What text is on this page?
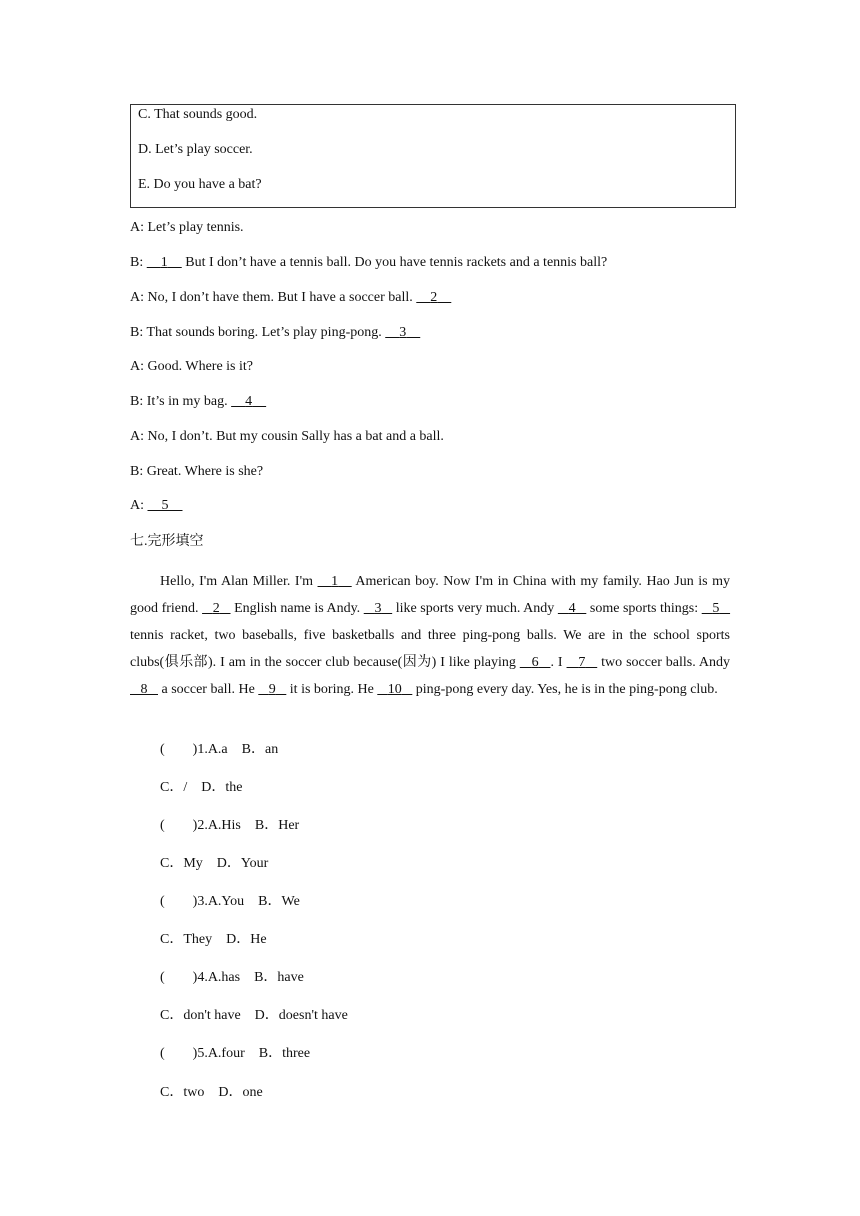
C. That sounds good.
D. Let’s play soccer.
E. Do you have a bat?
A: Let’s play tennis.
B:     1     But I don’t have a tennis ball. Do you have tennis rackets and a tennis ball?
A: No, I don’t have them. But I have a soccer ball.     2
B: That sounds boring. Let’s play ping-pong.     3
A: Good. Where is it?
B: It’s in my bag.     4
A: No, I don’t. But my cousin Sally has a bat and a ball.
B: Great. Where is she?
A:     5
七.完形填空
Hello, I'm Alan Miller. I'm    1    American boy. Now I'm in China with my family. Hao Jun is my good friend.    2    English name is Andy.    3    like sports very much. Andy    4    some sports things:    5    tennis racket, two baseballs, five basketballs and three ping-pong balls. We are in the school sports clubs(俱乐部). I am in the soccer club because(因为) I like playing    6 . I    7    two soccer balls. Andy    8    a soccer ball. He    9    it is boring. He    10    ping-pong every day. Yes, he is in the ping-pong club.
(        )1.A.a    B．an
C．/    D．the
(        )2.A.His    B．Her
C．My    D．Your
(        )3.A.You    B．We
C．They    D．He
(        )4.A.has    B．have
C．don't have    D．doesn't have
(        )5.A.four    B．three
C．two    D．one
